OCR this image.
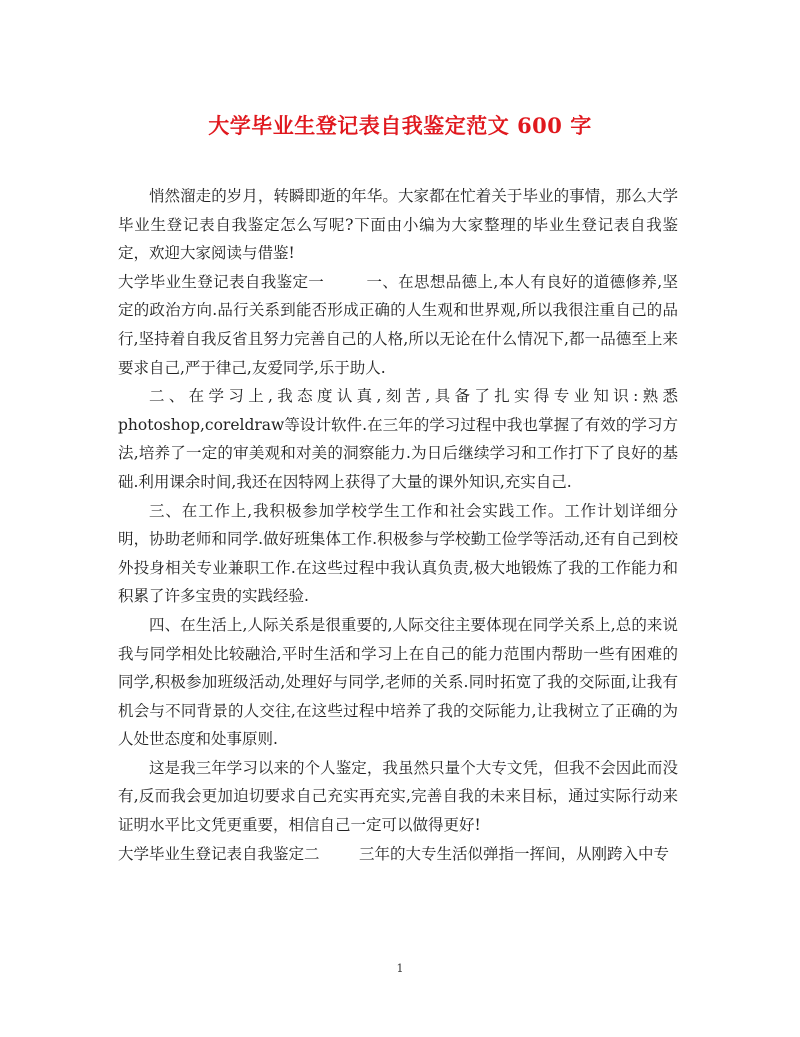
大学毕业生登记表自我鉴定范文 600 字

悄然溜走的岁月，转瞬即逝的年华。大家都在忙着关于毕业的事情，那么大学毕业生登记表自我鉴定怎么写呢?下面由小编为大家整理的毕业生登记表自我鉴定，欢迎大家阅读与借鉴!

大学毕业生登记表自我鉴定一	一、在思想品德上,本人有良好的道德修养,坚定的政治方向.品行关系到能否形成正确的人生观和世界观,所以我很注重自己的品行,坚持着自我反省且努力完善自己的人格,所以无论在什么情况下,都一品德至上来要求自己,严于律己,友爱同学,乐于助人.

二、在学习上,我态度认真,刻苦,具备了扎实得专业知识:熟悉photoshop,coreldraw等设计软件.在三年的学习过程中我也掌握了有效的学习方法,培养了一定的审美观和对美的洞察能力.为日后继续学习和工作打下了良好的基础.利用课余时间,我还在因特网上获得了大量的课外知识,充实自己.

三、在工作上,我积极参加学校学生工作和社会实践工作。工作计划详细分明，协助老师和同学.做好班集体工作.积极参与学校勤工俭学等活动,还有自己到校外投身相关专业兼职工作.在这些过程中我认真负责,极大地锻炼了我的工作能力和积累了许多宝贵的实践经验.

四、在生活上,人际关系是很重要的,人际交往主要体现在同学关系上,总的来说我与同学相处比较融洽,平时生活和学习上在自己的能力范围内帮助一些有困难的同学,积极参加班级活动,处理好与同学,老师的关系.同时拓宽了我的交际面,让我有机会与不同背景的人交往,在这些过程中培养了我的交际能力,让我树立了正确的为人处世态度和处事原则.

这是我三年学习以来的个人鉴定，我虽然只量个大专文凭，但我不会因此而没有,反而我会更加迫切要求自己充实再充实,完善自我的未来目标，通过实际行动来证明水平比文凭更重要，相信自己一定可以做得更好!

大学毕业生登记表自我鉴定二	三年的大专生活似弹指一挥间，从刚跨入中专

1
